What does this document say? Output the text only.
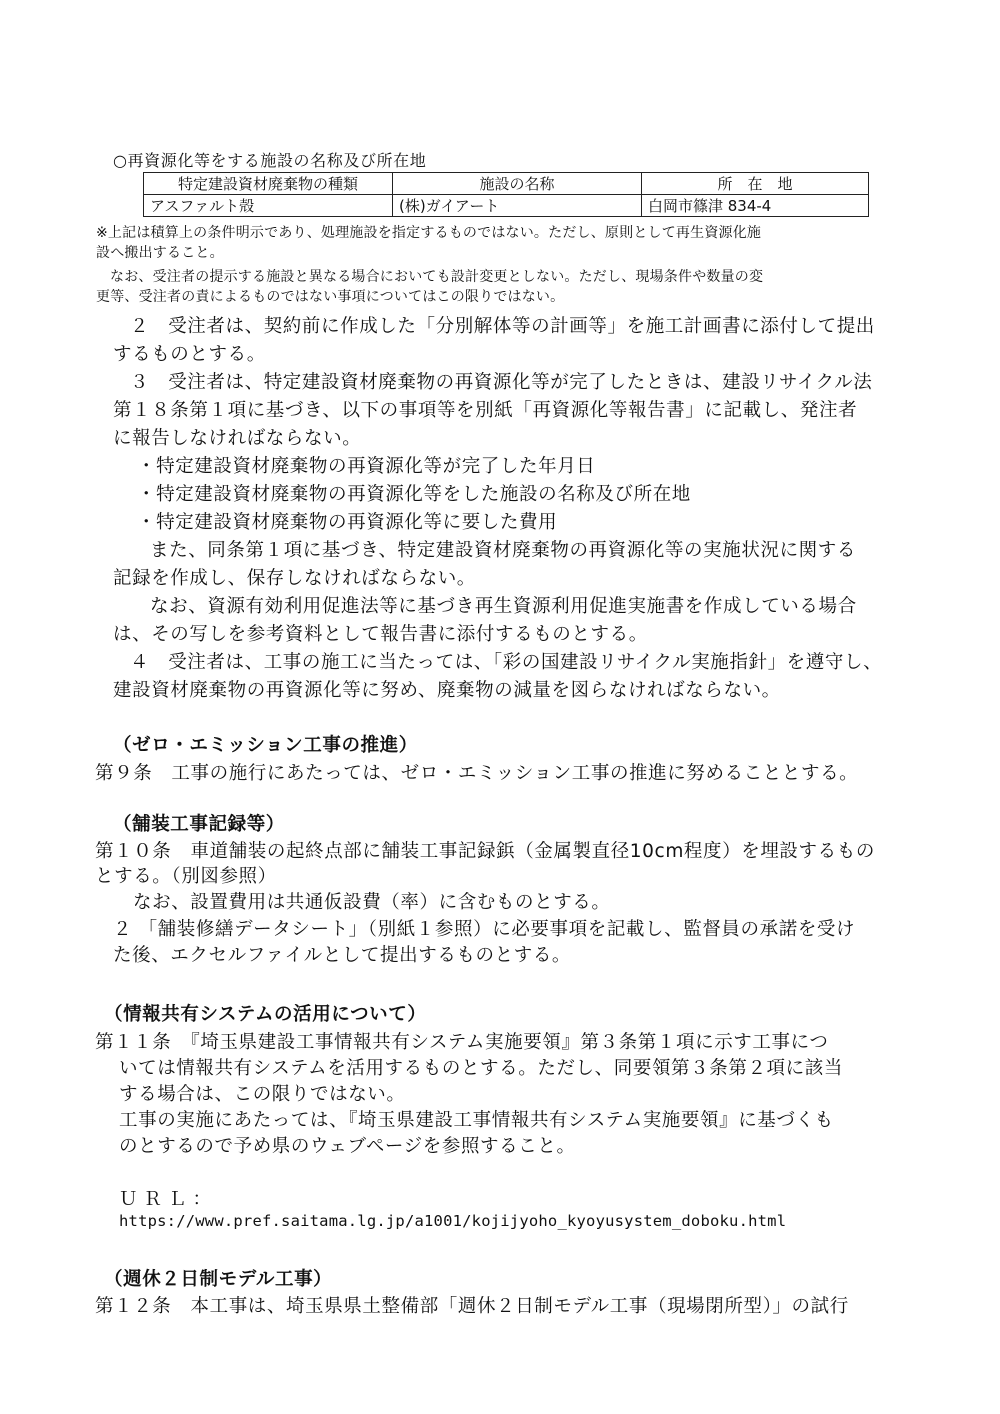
○再資源化等をする施設の名称及び所在地
特定建設資材廃棄物の種類	施設の名称	所　在　地
アスファルト殻	(株)ガイアート	白岡市篠津 834-4
※上記は積算上の条件明示であり、処理施設を指定するものではない。ただし、原則として再生資源化施
設へ搬出すること。
なお、受注者の提示する施設と異なる場合においても設計変更としない。ただし、現場条件や数量の変
更等、受注者の責によるものではない事項についてはこの限りではない。
２　受注者は、契約前に作成した「分別解体等の計画等」を施工計画書に添付して提出
するものとする。
３　受注者は、特定建設資材廃棄物の再資源化等が完了したときは、建設リサイクル法
第１８条第１項に基づき、以下の事項等を別紙「再資源化等報告書」に記載し、発注者
に報告しなければならない。
・特定建設資材廃棄物の再資源化等が完了した年月日
・特定建設資材廃棄物の再資源化等をした施設の名称及び所在地
・特定建設資材廃棄物の再資源化等に要した費用
また、同条第１項に基づき、特定建設資材廃棄物の再資源化等の実施状況に関する
記録を作成し、保存しなければならない。
なお、資源有効利用促進法等に基づき再生資源利用促進実施書を作成している場合
は、その写しを参考資料として報告書に添付するものとする。
４　受注者は、工事の施工に当たっては、「彩の国建設リサイクル実施指針」を遵守し、
建設資材廃棄物の再資源化等に努め、廃棄物の減量を図らなければならない。
（ゼロ・エミッション工事の推進）
第９条　工事の施行にあたっては、ゼロ・エミッション工事の推進に努めることとする。
（舗装工事記録等）
第１０条　車道舗装の起終点部に舗装工事記録鋲（金属製直径10cm程度）を埋設するもの
とする。（別図参照）
なお、設置費用は共通仮設費（率）に含むものとする。
２ 「舗装修繕データシート」（別紙１参照）に必要事項を記載し、監督員の承諾を受け
た後、エクセルファイルとして提出するものとする。
（情報共有システムの活用について）
第１１条　『埼玉県建設工事情報共有システム実施要領』第３条第１項に示す工事につ
いては情報共有システムを活用するものとする。ただし、同要領第３条第２項に該当
する場合は、この限りではない。
工事の実施にあたっては、『埼玉県建設工事情報共有システム実施要領』に基づくも
のとするので予め県のウェブページを参照すること。
ＵＲＬ：
https://www.pref.saitama.lg.jp/a1001/kojijyoho_kyoyusystem_doboku.html
（週休２日制モデル工事）
第１２条　本工事は、埼玉県県土整備部「週休２日制モデル工事（現場閉所型）」の試行
